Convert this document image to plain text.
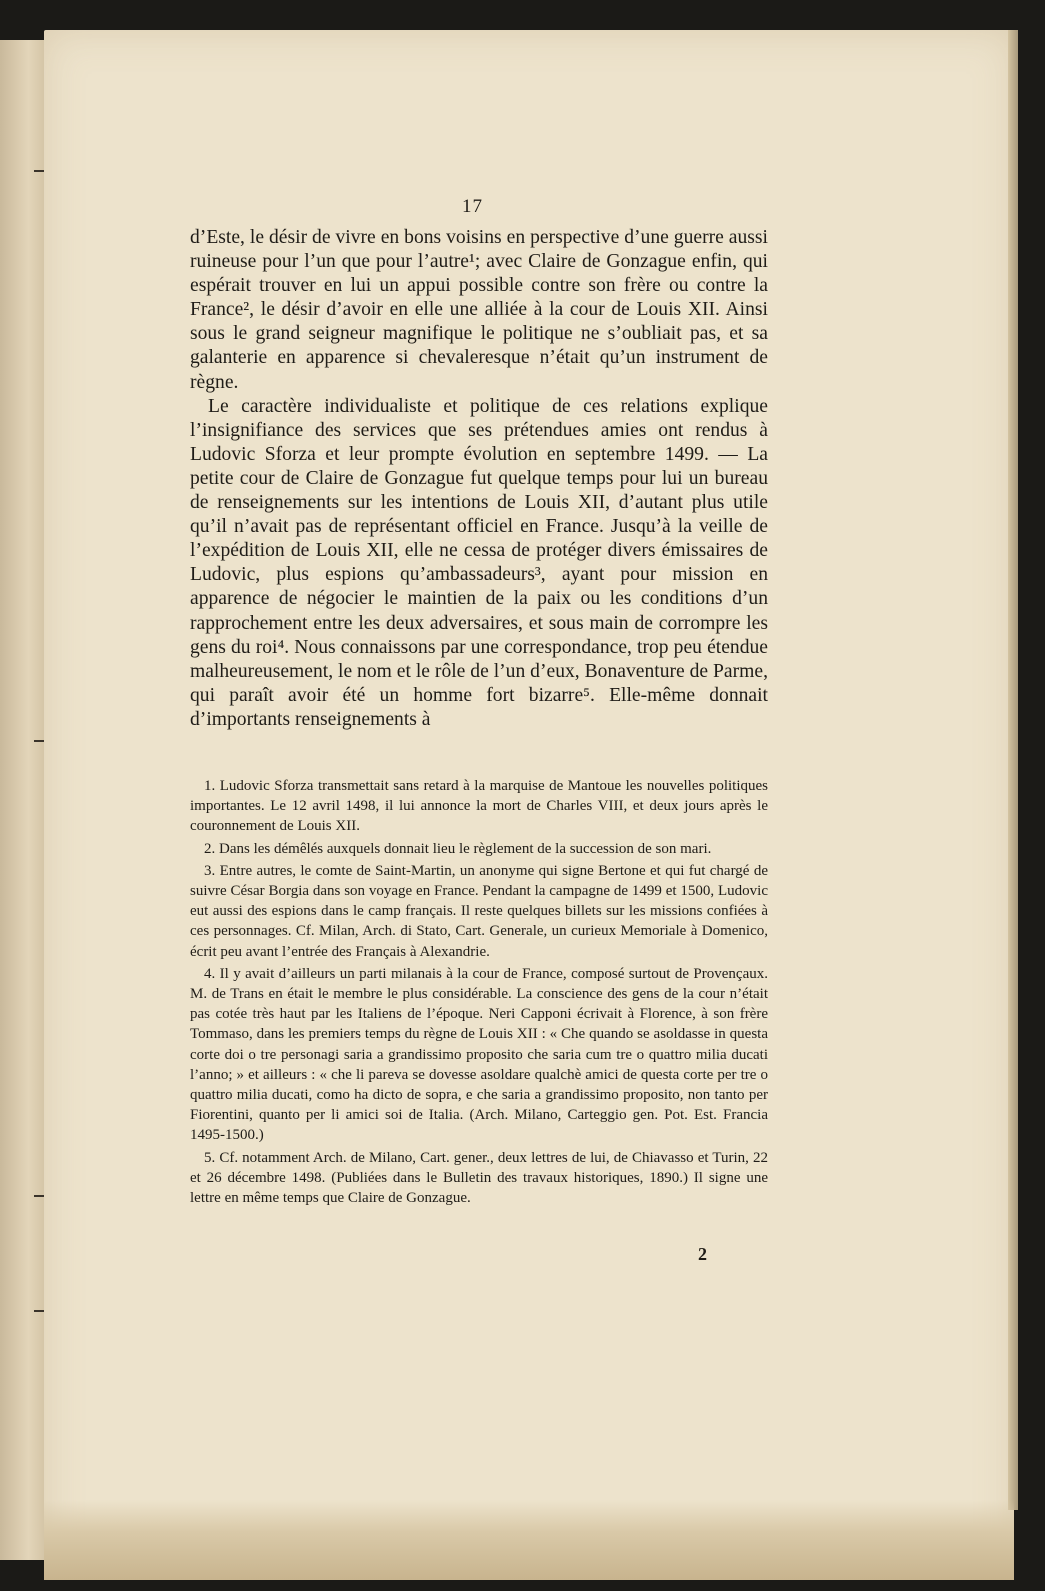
17

d’Este, le désir de vivre en bons voisins en perspective d’une guerre aussi ruineuse pour l’un que pour l’autre¹; avec Claire de Gonzague enfin, qui espérait trouver en lui un appui possible contre son frère ou contre la France², le désir d’avoir en elle une alliée à la cour de Louis XII. Ainsi sous le grand seigneur magnifique le politique ne s’oubliait pas, et sa galanterie en apparence si chevaleresque n’était qu’un instrument de règne.

Le caractère individualiste et politique de ces relations explique l’insignifiance des services que ses prétendues amies ont rendus à Ludovic Sforza et leur prompte évolution en septembre 1499. — La petite cour de Claire de Gonzague fut quelque temps pour lui un bureau de renseignements sur les intentions de Louis XII, d’autant plus utile qu’il n’avait pas de représentant officiel en France. Jusqu’à la veille de l’expédition de Louis XII, elle ne cessa de protéger divers émissaires de Ludovic, plus espions qu’ambassadeurs³, ayant pour mission en apparence de négocier le maintien de la paix ou les conditions d’un rapprochement entre les deux adversaires, et sous main de corrompre les gens du roi⁴. Nous connaissons par une correspondance, trop peu étendue malheureusement, le nom et le rôle de l’un d’eux, Bonaventure de Parme, qui paraît avoir été un homme fort bizarre⁵. Elle-même donnait d’importants renseignements à

1. Ludovic Sforza transmettait sans retard à la marquise de Mantoue les nouvelles politiques importantes. Le 12 avril 1498, il lui annonce la mort de Charles VIII, et deux jours après le couronnement de Louis XII.

2. Dans les démêlés auxquels donnait lieu le règlement de la succession de son mari.

3. Entre autres, le comte de Saint-Martin, un anonyme qui signe Bertone et qui fut chargé de suivre César Borgia dans son voyage en France. Pendant la campagne de 1499 et 1500, Ludovic eut aussi des espions dans le camp français. Il reste quelques billets sur les missions confiées à ces personnages. Cf. Milan, Arch. di Stato, Cart. Generale, un curieux Memoriale à Domenico, écrit peu avant l’entrée des Français à Alexandrie.

4. Il y avait d’ailleurs un parti milanais à la cour de France, composé surtout de Provençaux. M. de Trans en était le membre le plus considérable. La conscience des gens de la cour n’était pas cotée très haut par les Italiens de l’époque. Neri Capponi écrivait à Florence, à son frère Tommaso, dans les premiers temps du règne de Louis XII : « Che quando se asoldasse in questa corte doi o tre personagi saria a grandissimo proposito che saria cum tre o quattro milia ducati l’anno; » et ailleurs : « che li pareva se dovesse asoldare qualchè amici de questa corte per tre o quattro milia ducati, como ha dicto de sopra, e che saria a grandissimo proposito, non tanto per Fiorentini, quanto per li amici soi de Italia. (Arch. Milano, Carteggio gen. Pot. Est. Francia 1495-1500.)

5. Cf. notamment Arch. de Milano, Cart. gener., deux lettres de lui, de Chiavasso et Turin, 22 et 26 décembre 1498. (Publiées dans le Bulletin des travaux historiques, 1890.) Il signe une lettre en même temps que Claire de Gonzague.

2
